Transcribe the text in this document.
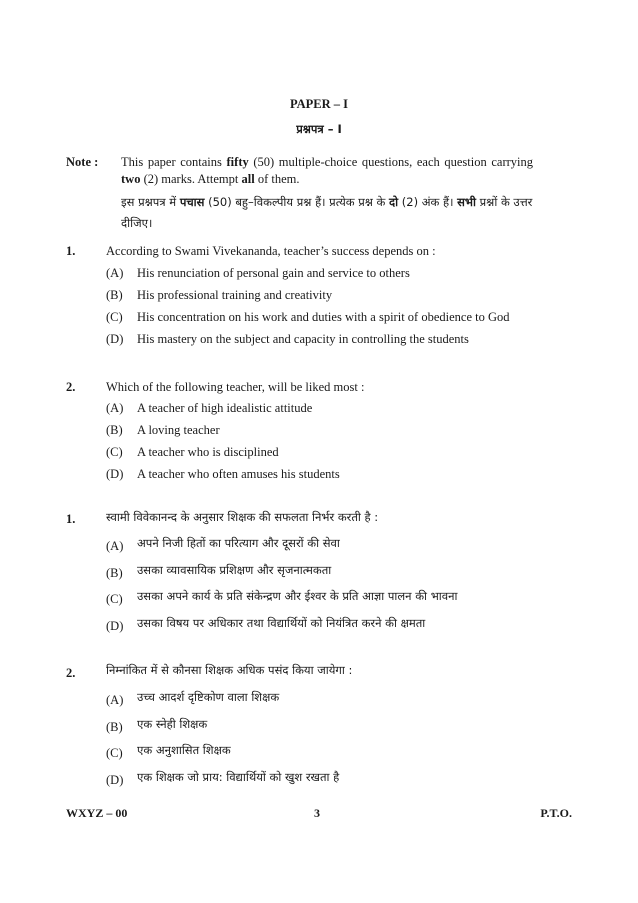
PAPER – I
प्रश्नपत्र – I
Note : This paper contains fifty (50) multiple-choice questions, each question carrying
two (2) marks. Attempt all of them.
इस प्रश्नपत्र में पचास (50) बहु–विकल्पीय प्रश्न हैं। प्रत्येक प्रश्न के दो (2) अंक हैं। सभी प्रश्नों के उत्तर
दीजिए।
1. According to Swami Vivekananda, teacher’s success depends on :
(A) His renunciation of personal gain and service to others
(B) His professional training and creativity
(C) His concentration on his work and duties with a spirit of obedience to God
(D) His mastery on the subject and capacity in controlling the students
2. Which of the following teacher, will be liked most :
(A) A teacher of high idealistic attitude
(B) A loving teacher
(C) A teacher who is disciplined
(D) A teacher who often amuses his students
1.	स्वामी विवेकानन्द के अनुसार शिक्षक की सफलता निर्भर करती है :
(A) अपने निजी हितों का परित्याग और दूसरों की सेवा
(B) उसका व्यावसायिक प्रशिक्षण और सृजनात्मकता
(C) उसका अपने कार्य के प्रति संकेन्द्रण और ईश्वर के प्रति आज्ञा पालन की भावना
(D) उसका विषय पर अधिकार तथा विद्यार्थियों को नियंत्रित करने की क्षमता
2.	निम्नांकित में से कौनसा शिक्षक अधिक पसंद किया जायेगा :
(A) उच्च आदर्श दृष्टिकोण वाला शिक्षक
(B) एक स्नेही शिक्षक
(C) एक अनुशासित शिक्षक
(D) एक शिक्षक जो प्राय: विद्यार्थियों को खुश रखता है
WXYZ – 00	3	P.T.O.
